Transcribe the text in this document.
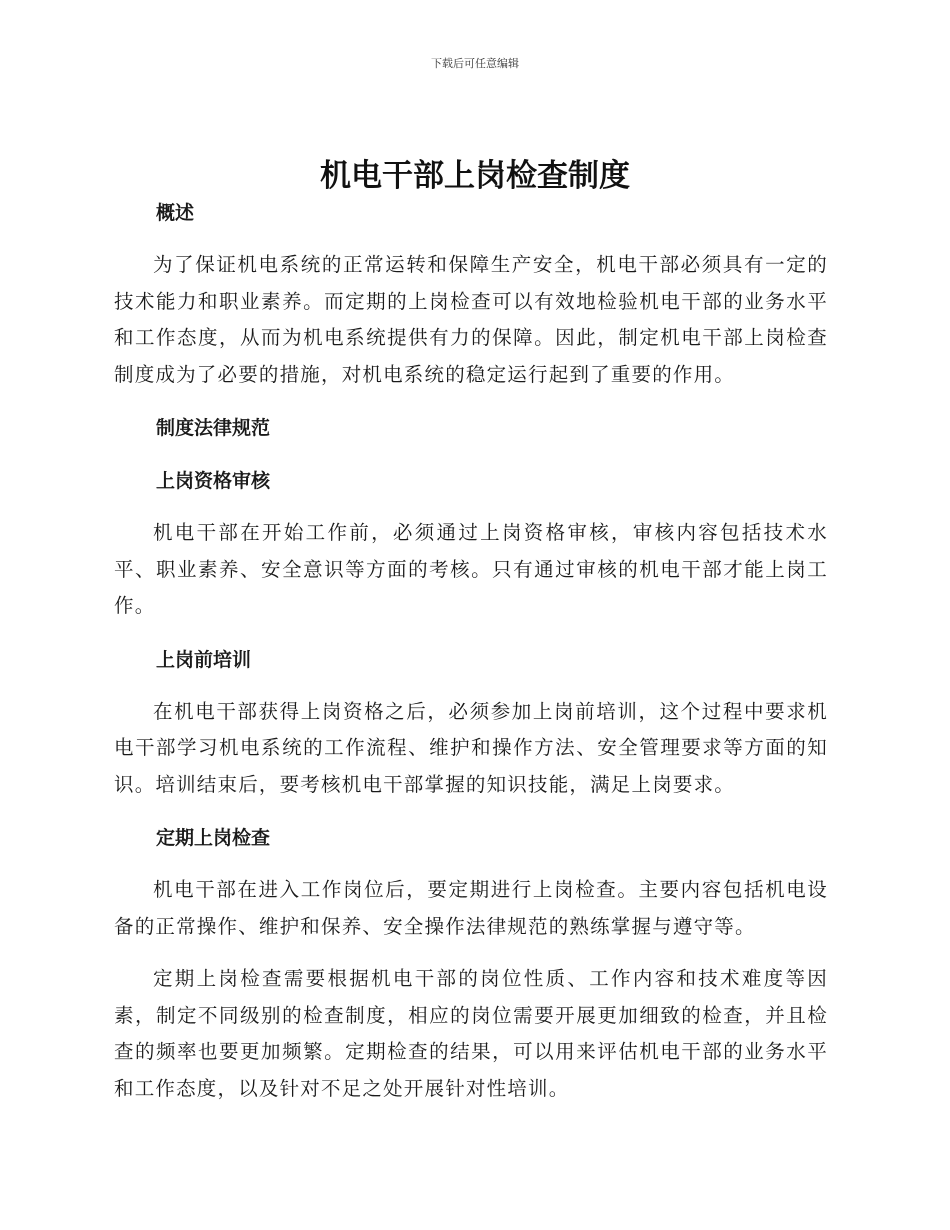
下载后可任意编辑
机电干部上岗检查制度

概述

为了保证机电系统的正常运转和保障生产安全，机电干部必须具有一定的技术能力和职业素养。而定期的上岗检查可以有效地检验机电干部的业务水平和工作态度，从而为机电系统提供有力的保障。因此，制定机电干部上岗检查制度成为了必要的措施，对机电系统的稳定运行起到了重要的作用。

制度法律规范

上岗资格审核

机电干部在开始工作前，必须通过上岗资格审核，审核内容包括技术水平、职业素养、安全意识等方面的考核。只有通过审核的机电干部才能上岗工作。

上岗前培训

在机电干部获得上岗资格之后，必须参加上岗前培训，这个过程中要求机电干部学习机电系统的工作流程、维护和操作方法、安全管理要求等方面的知识。培训结束后，要考核机电干部掌握的知识技能，满足上岗要求。

定期上岗检查

机电干部在进入工作岗位后，要定期进行上岗检查。主要内容包括机电设备的正常操作、维护和保养、安全操作法律规范的熟练掌握与遵守等。

定期上岗检查需要根据机电干部的岗位性质、工作内容和技术难度等因素，制定不同级别的检查制度，相应的岗位需要开展更加细致的检查，并且检查的频率也要更加频繁。定期检查的结果，可以用来评估机电干部的业务水平和工作态度，以及针对不足之处开展针对性培训。
